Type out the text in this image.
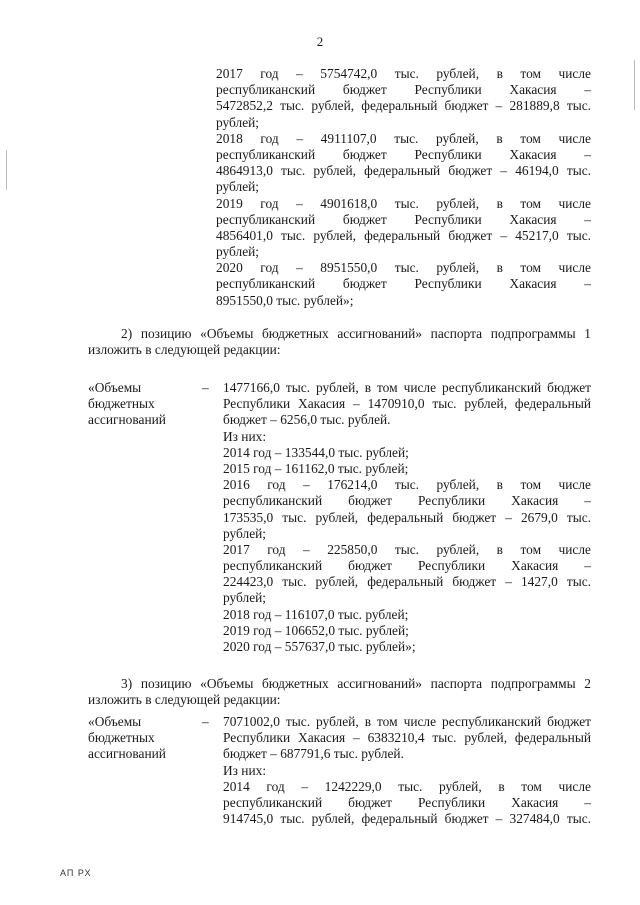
2
2017 год – 5754742,0 тыс. рублей, в том числе
республиканский бюджет Республики Хакасия –
5472852,2 тыс. рублей, федеральный бюджет – 281889,8 тыс.
рублей;
2018 год – 4911107,0 тыс. рублей, в том числе
республиканский бюджет Республики Хакасия –
4864913,0 тыс. рублей, федеральный бюджет – 46194,0 тыс.
рублей;
2019 год – 4901618,0 тыс. рублей, в том числе
республиканский бюджет Республики Хакасия –
4856401,0 тыс. рублей, федеральный бюджет – 45217,0 тыс.
рублей;
2020 год – 8951550,0 тыс. рублей, в том числе
республиканский бюджет Республики Хакасия –
8951550,0 тыс. рублей»;
2) позицию «Объемы бюджетных ассигнований» паспорта подпрограммы 1
изложить в следующей редакции:
«Объемы
бюджетных
ассигнований
– 1477166,0 тыс. рублей, в том числе республиканский бюджет
Республики Хакасия – 1470910,0 тыс. рублей, федеральный
бюджет – 6256,0 тыс. рублей.
Из них:
2014 год – 133544,0 тыс. рублей;
2015 год – 161162,0 тыс. рублей;
2016 год – 176214,0 тыс. рублей, в том числе
республиканский бюджет Республики Хакасия –
173535,0 тыс. рублей, федеральный бюджет – 2679,0 тыс.
рублей;
2017 год – 225850,0 тыс. рублей, в том числе
республиканский бюджет Республики Хакасия –
224423,0 тыс. рублей, федеральный бюджет – 1427,0 тыс.
рублей;
2018 год – 116107,0 тыс. рублей;
2019 год – 106652,0 тыс. рублей;
2020 год – 557637,0 тыс. рублей»;
3) позицию «Объемы бюджетных ассигнований» паспорта подпрограммы 2
изложить в следующей редакции:
«Объемы
бюджетных
ассигнований
– 7071002,0 тыс. рублей, в том числе республиканский бюджет
Республики Хакасия – 6383210,4 тыс. рублей, федеральный
бюджет – 687791,6 тыс. рублей.
Из них:
2014 год – 1242229,0 тыс. рублей, в том числе
республиканский бюджет Республики Хакасия –
914745,0 тыс. рублей, федеральный бюджет – 327484,0 тыс.
АП РХ
